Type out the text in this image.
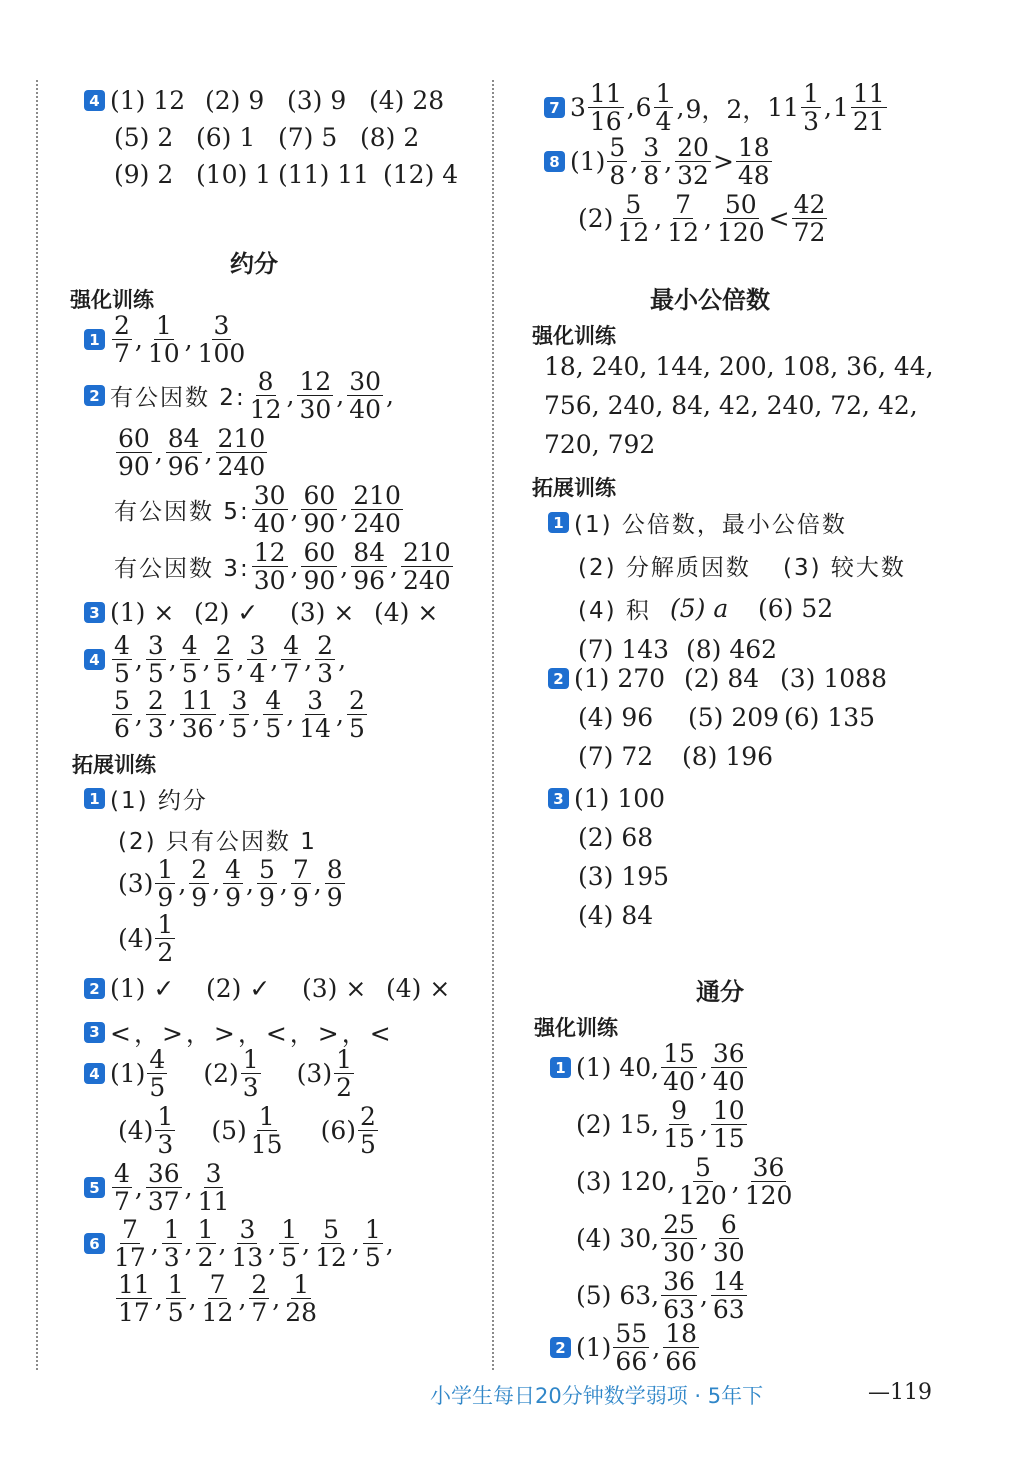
4 (1) 12 (2) 9 (3) 9 (4) 28
(5) 2 (6) 1 (7) 5 (8) 2
(9) 2 (10) 1 (11) 11 (12) 4
约分
强化训练
$1 \frac{2}{7}$ , $\frac{1}{10}$ , $\frac{3}{100}$
2 有公因数 2: $\frac{8}{12}$ , $\frac{12}{30}$ , $\frac{30}{40}$ ,
$\frac{60}{90}$ , $\frac{84}{96}$ , $\frac{210}{240}$
有公因数 5: $\frac{30}{40}$ , $\frac{60}{90}$ , $\frac{210}{240}$
有公因数 3: $\frac{12}{30}$ , $\frac{60}{90}$ , $\frac{84}{96}$ , $\frac{210}{240}$
3 (1) × (2) ✓	(3) × (4) ×
$4 \frac{4}{5}$ , $\frac{3}{5}$ , $\frac{4}{5}$ , $\frac{2}{5}$ , $\frac{3}{4}$ , $\frac{4}{7}$ , $\frac{2}{3}$ ,
$\frac{5}{6}$ , $\frac{2}{3}$ , $\frac{11}{36}$ , $\frac{3}{5}$ , $\frac{4}{5}$ , $\frac{3}{14}$ , $\frac{2}{5}$
拓展训练
1 (1) 约分
(2) 只有公因数 1
$(3) \frac{1}{9}$ , $\frac{2}{9}$ , $\frac{4}{9}$ , $\frac{5}{9}$ , $\frac{7}{9}$ , $\frac{8}{9}$
$(4) \frac{1}{2}$
2 (1) ✓	(2) ✓	(3) × (4) ×
3 <，>，>，<，>，<
4 $(1) \frac{4}{5} (2) \frac{1}{3} (3) \frac{1}{2}$
$(4) \frac{1}{3} (5) \frac{1}{15} (6) \frac{2}{5}$
$5 \frac{4}{7}$ , $\frac{36}{37}$ , $\frac{3}{11}$
$6 \frac{7}{17}$ , $\frac{1}{3}$ , $\frac{1}{2}$ , $\frac{3}{13}$ , $\frac{1}{5}$ , $\frac{5}{12}$ , $\frac{1}{5}$ ,
$\frac{11}{17}$ , $\frac{1}{5}$ , $\frac{7}{12}$ , $\frac{2}{7}$ , $\frac{1}{28}$
7 $3 \frac{11}{16}$ , $6 \frac{1}{4}$ , 9，2， $11 \frac{1}{3}$ , $1 \frac{11}{21}$
8 $(1) \frac{5}{8}$ , $\frac{3}{8}$ , $\frac{20}{32} > \frac{18}{48}$
$(2) \frac{5}{12}$ , $\frac{7}{12}$ , $\frac{50}{120} < \frac{42}{72}$
最小公倍数
强化训练
18, 240, 144, 200, 108, 36, 44,
756, 240, 84, 42, 240, 72, 42,
720, 792
拓展训练
1 (1) 公倍数，最小公倍数
(2) 分解质因数	(3) 较大数
(4) 积 (5) a	(6) 52
(7) 143 (8) 462
2 (1) 270 (2) 84 (3) 1088
(4) 96	(5) 209 (6) 135
(7) 72	(8) 196
3 (1) 100
(2) 68
(3) 195
(4) 84
通分
强化训练
1 (1) 40, $\frac{15}{40}$ , $\frac{36}{40}$
(2) 15, $\frac{9}{15}$ , $\frac{10}{15}$
(3) 120, $\frac{5}{120}$ , $\frac{36}{120}$
(4) 30, $\frac{25}{30}$ , $\frac{6}{30}$
(5) 63, $\frac{36}{63}$ , $\frac{14}{63}$
2 $(1) \frac{55}{66}$ , $\frac{18}{66}$
小学生每日20分钟数学弱项 · 5年下	—119
